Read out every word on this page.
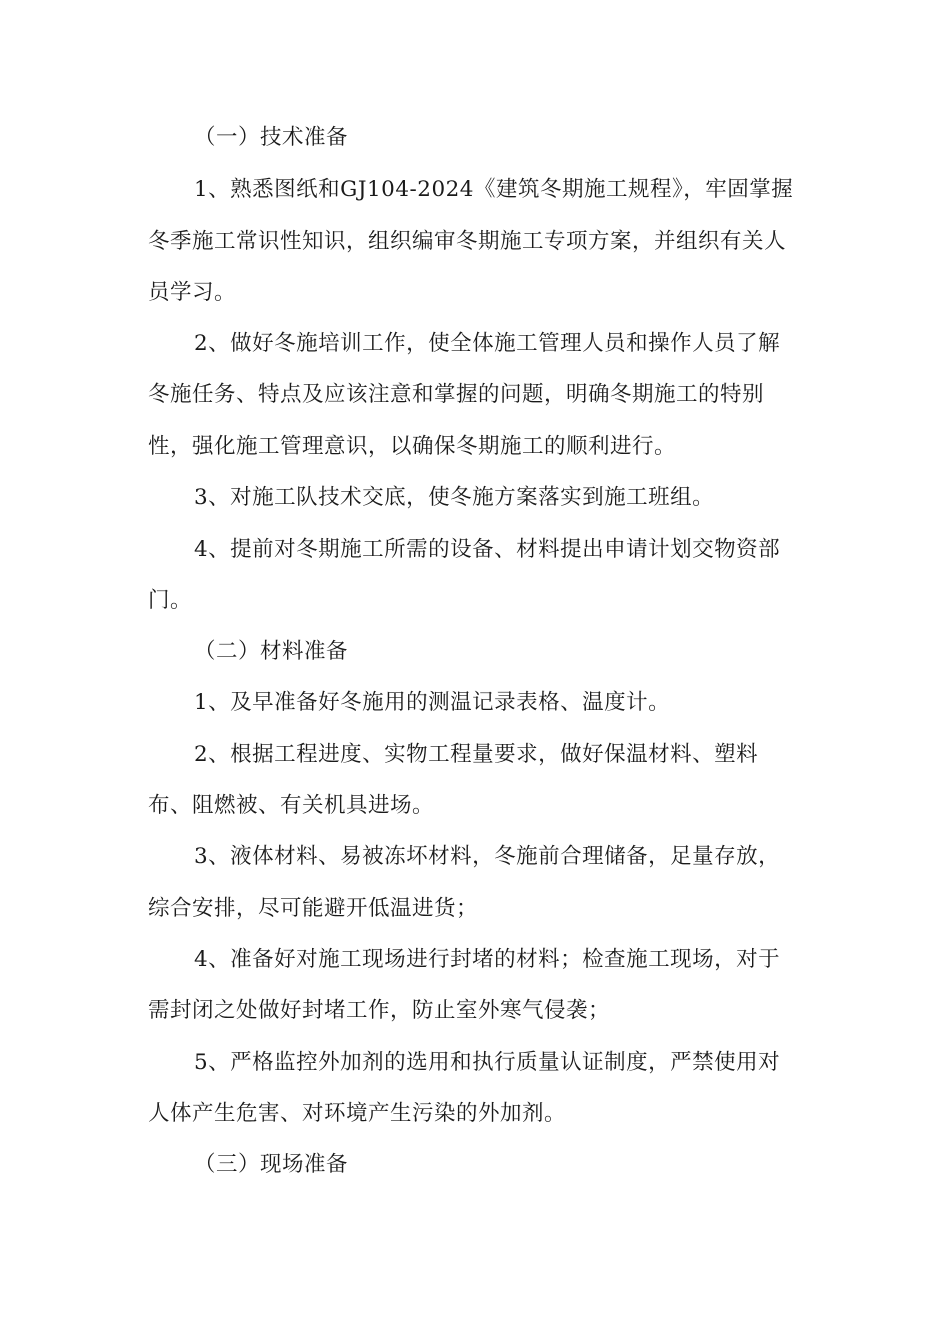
（一）技术准备
1、熟悉图纸和GJ104-2024《建筑冬期施工规程》，牢固掌握
冬季施工常识性知识，组织编审冬期施工专项方案，并组织有关人
员学习。
2、做好冬施培训工作，使全体施工管理人员和操作人员了解
冬施任务、特点及应该注意和掌握的问题，明确冬期施工的特别
性，强化施工管理意识，以确保冬期施工的顺利进行。
3、对施工队技术交底，使冬施方案落实到施工班组。
4、提前对冬期施工所需的设备、材料提出申请计划交物资部
门。
（二）材料准备
1、及早准备好冬施用的测温记录表格、温度计。
2、根据工程进度、实物工程量要求，做好保温材料、塑料
布、阻燃被、有关机具进场。
3、液体材料、易被冻坏材料，冬施前合理储备，足量存放，
综合安排，尽可能避开低温进货；
4、准备好对施工现场进行封堵的材料；检查施工现场，对于
需封闭之处做好封堵工作，防止室外寒气侵袭；
5、严格监控外加剂的选用和执行质量认证制度，严禁使用对
人体产生危害、对环境产生污染的外加剂。
（三）现场准备
